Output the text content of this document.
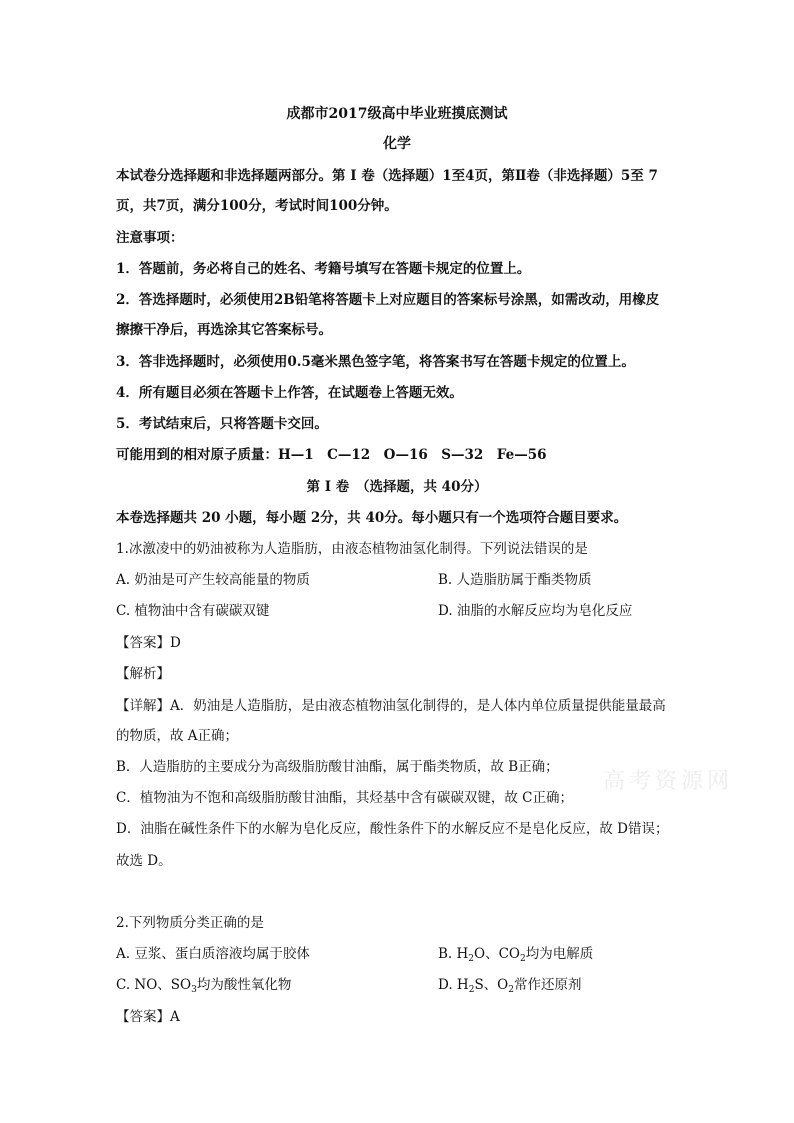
成都市2017级高中毕业班摸底测试
化学
本试卷分选择题和非选择题两部分。第 Ⅰ 卷（选择题）1至4页，第Ⅱ卷（非选择题）5至 7
页，共7页，满分100分，考试时间100分钟。
注意事项：
1．答题前，务必将自己的姓名、考籍号填写在答题卡规定的位置上。
2．答选择题时，必须使用2B铅笔将答题卡上对应题目的答案标号涂黑，如需改动，用橡皮
擦擦干净后，再选涂其它答案标号。
3．答非选择题时，必须使用0.5毫米黑色签字笔，将答案书写在答题卡规定的位置上。
4．所有题目必须在答题卡上作答，在试题卷上答题无效。
5．考试结束后，只将答题卡交回。
可能用到的相对原子质量：H—1　C—12　O—16　S—32　Fe—56
第 Ⅰ 卷　（选择题，共 40分）
本卷选择题共 20 小题，每小题 2分，共 40分。每小题只有一个选项符合题目要求。
1.冰激凌中的奶油被称为人造脂肪，由液态植物油氢化制得。下列说法错误的是
A. 奶油是可产生较高能量的物质	B. 人造脂肪属于酯类物质
C. 植物油中含有碳碳双键	D. 油脂的水解反应均为皂化反应
【答案】D
【解析】
【详解】A．奶油是人造脂肪，是由液态植物油氢化制得的，是人体内单位质量提供能量最高
的物质，故 A正确；
B．人造脂肪的主要成分为高级脂肪酸甘油酯，属于酯类物质，故 B正确；
C．植物油为不饱和高级脂肪酸甘油酯，其烃基中含有碳碳双键，故 C正确；
D．油脂在碱性条件下的水解为皂化反应，酸性条件下的水解反应不是皂化反应，故 D错误；
故选 D。
2.下列物质分类正确的是
A. 豆浆、蛋白质溶液均属于胶体	B. $H_2O$、$CO_2$均为电解质
C. NO、$SO_3$均为酸性氧化物	D. $H_2S$、$O_2$常作还原剂
【答案】A
高考资源网
